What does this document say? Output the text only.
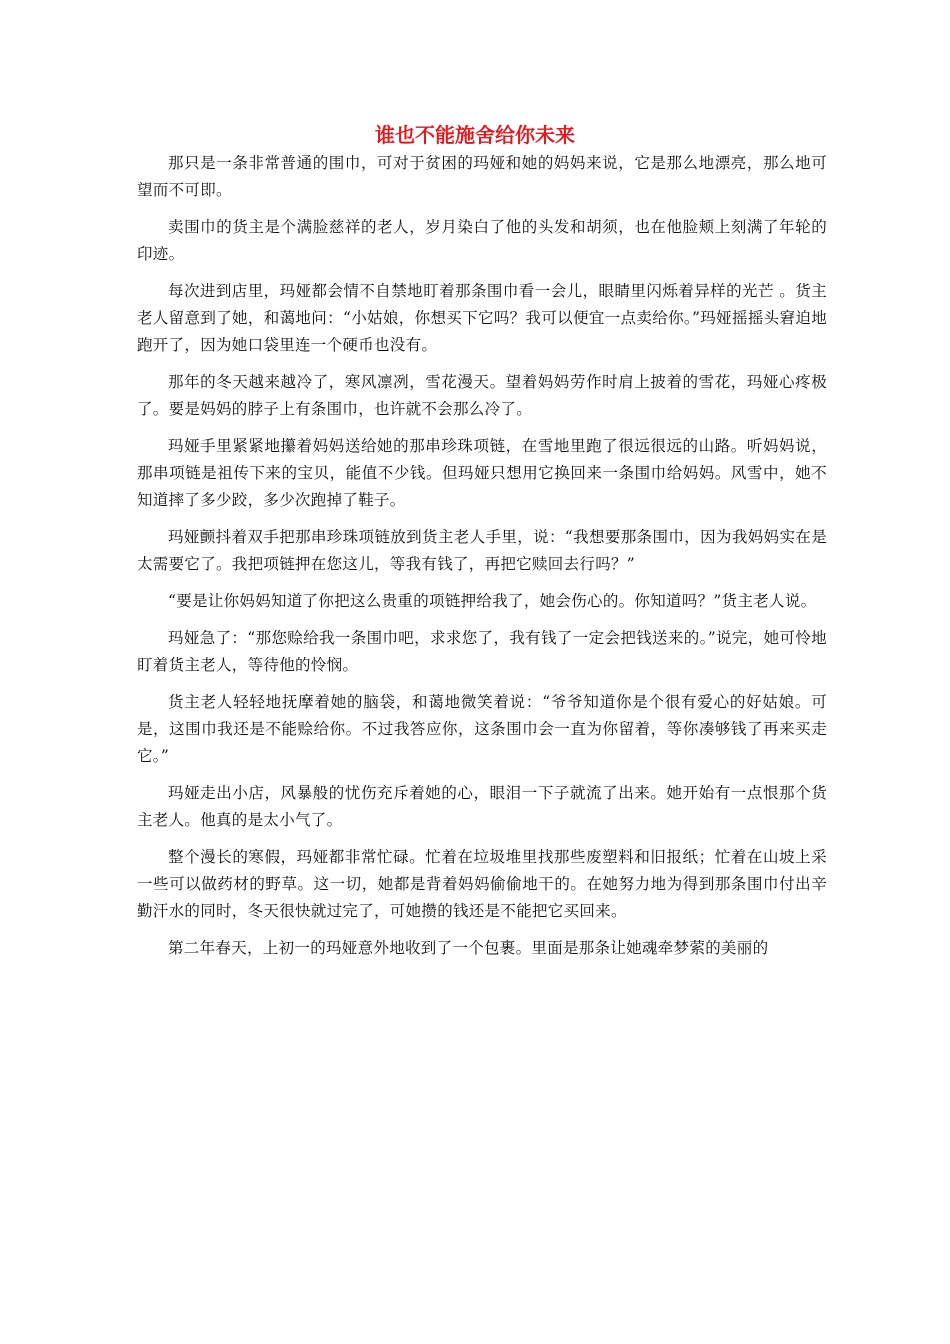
谁也不能施舍给你未来

那只是一条非常普通的围巾，可对于贫困的玛娅和她的妈妈来说，它是那么地漂亮，那么地可望而不可即。

卖围巾的货主是个满脸慈祥的老人，岁月染白了他的头发和胡须，也在他脸颊上刻满了年轮的印迹。

每次进到店里，玛娅都会情不自禁地盯着那条围巾看一会儿，眼睛里闪烁着异样的光芒 。货主老人留意到了她，和蔼地问：“小姑娘，你想买下它吗？我可以便宜一点卖给你。”玛娅摇摇头窘迫地跑开了，因为她口袋里连一个硬币也没有。

那年的冬天越来越冷了，寒风凛冽，雪花漫天。望着妈妈劳作时肩上披着的雪花，玛娅心疼极了。要是妈妈的脖子上有条围巾，也许就不会那么冷了。

玛娅手里紧紧地攥着妈妈送给她的那串珍珠项链，在雪地里跑了很远很远的山路。听妈妈说，那串项链是祖传下来的宝贝，能值不少钱。但玛娅只想用它换回来一条围巾给妈妈。风雪中，她不知道摔了多少跤，多少次跑掉了鞋子。

玛娅颤抖着双手把那串珍珠项链放到货主老人手里，说：“我想要那条围巾，因为我妈妈实在是太需要它了。我把项链押在您这儿，等我有钱了，再把它赎回去行吗？”

“要是让你妈妈知道了你把这么贵重的项链押给我了，她会伤心的。你知道吗？”货主老人说。

玛娅急了：“那您赊给我一条围巾吧，求求您了，我有钱了一定会把钱送来的。”说完，她可怜地盯着货主老人，等待他的怜悯。

货主老人轻轻地抚摩着她的脑袋，和蔼地微笑着说：“爷爷知道你是个很有爱心的好姑娘。可是，这围巾我还是不能赊给你。不过我答应你，这条围巾会一直为你留着，等你凑够钱了再来买走它。”

玛娅走出小店，风暴般的忧伤充斥着她的心，眼泪一下子就流了出来。她开始有一点恨那个货主老人。他真的是太小气了。

整个漫长的寒假，玛娅都非常忙碌。忙着在垃圾堆里找那些废塑料和旧报纸；忙着在山坡上采一些可以做药材的野草。这一切，她都是背着妈妈偷偷地干的。在她努力地为得到那条围巾付出辛勤汗水的同时，冬天很快就过完了，可她攒的钱还是不能把它买回来。

第二年春天，上初一的玛娅意外地收到了一个包裹。里面是那条让她魂牵梦萦的美丽的
